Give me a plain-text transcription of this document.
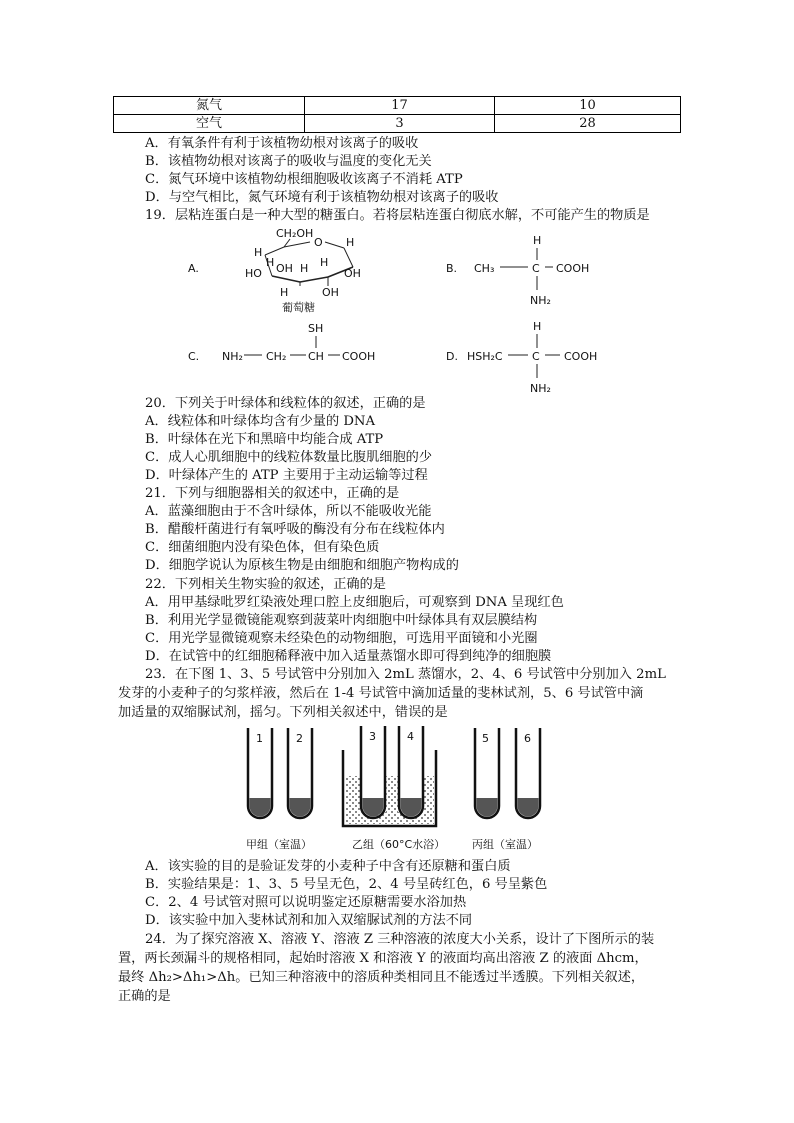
氮气	17	10
空气	3	28
A．有氧条件有利于该植物幼根对该离子的吸收
B．该植物幼根对该离子的吸收与温度的变化无关
C．氮气环境中该植物幼根细胞吸收该离子不消耗 ATP
D．与空气相比，氮气环境有利于该植物幼根对该离子的吸收
19．层粘连蛋白是一种大型的糖蛋白。若将层粘连蛋白彻底水解，不可能产生的物质是
A.
CH₂OH
O
H
H
HO OH
H	H
OH
H
H	OH
葡萄糖
B.
H
CH₃	C COOH
NH₂
C.
SH
NH₂ CH₂ CH COOH	D.
H
HSH₂C	C COOH
NH₂
20．下列关于叶绿体和线粒体的叙述，正确的是
A．线粒体和叶绿体均含有少量的 DNA
B．叶绿体在光下和黑暗中均能合成 ATP
C．成人心肌细胞中的线粒体数量比腹肌细胞的少
D．叶绿体产生的 ATP 主要用于主动运输等过程
21．下列与细胞器相关的叙述中，正确的是
A．蓝藻细胞由于不含叶绿体，所以不能吸收光能
B．醋酸杆菌进行有氧呼吸的酶没有分布在线粒体内
C．细菌细胞内没有染色体，但有染色质
D．细胞学说认为原核生物是由细胞和细胞产物构成的
22．下列相关生物实验的叙述，正确的是
A．用甲基绿吡罗红染液处理口腔上皮细胞后，可观察到 DNA 呈现红色
B．利用光学显微镜能观察到菠菜叶肉细胞中叶绿体具有双层膜结构
C．用光学显微镜观察未经染色的动物细胞，可选用平面镜和小光圈
D．在试管中的红细胞稀释液中加入适量蒸馏水即可得到纯净的细胞膜
23．在下图 1、3、5 号试管中分别加入 2mL 蒸馏水，2、4、6 号试管中分别加入 2mL
发芽的小麦种子的匀浆样液，然后在 1-4 号试管中滴加适量的斐林试剂，5、6 号试管中滴
加适量的双缩脲试剂，摇匀。下列相关叙述中，错误的是
1	2	3	4	5	6
甲组（室温）	乙组（60°C水浴） 丙组（室温）
A．该实验的目的是验证发芽的小麦种子中含有还原糖和蛋白质
B．实验结果是：1、3、5 号呈无色，2、4 号呈砖红色，6 号呈紫色
C．2、4 号试管对照可以说明鉴定还原糖需要水浴加热
D．该实验中加入斐林试剂和加入双缩脲试剂的方法不同
24．为了探究溶液 X、溶液 Y、溶液 Z 三种溶液的浓度大小关系，设计了下图所示的装
置，两长颈漏斗的规格相同，起始时溶液 X 和溶液 Y 的液面均高出溶液 Z 的液面 Δhcm，
最终 Δh₂>Δh₁>Δh。已知三种溶液中的溶质种类相同且不能透过半透膜。下列相关叙述，
正确的是
